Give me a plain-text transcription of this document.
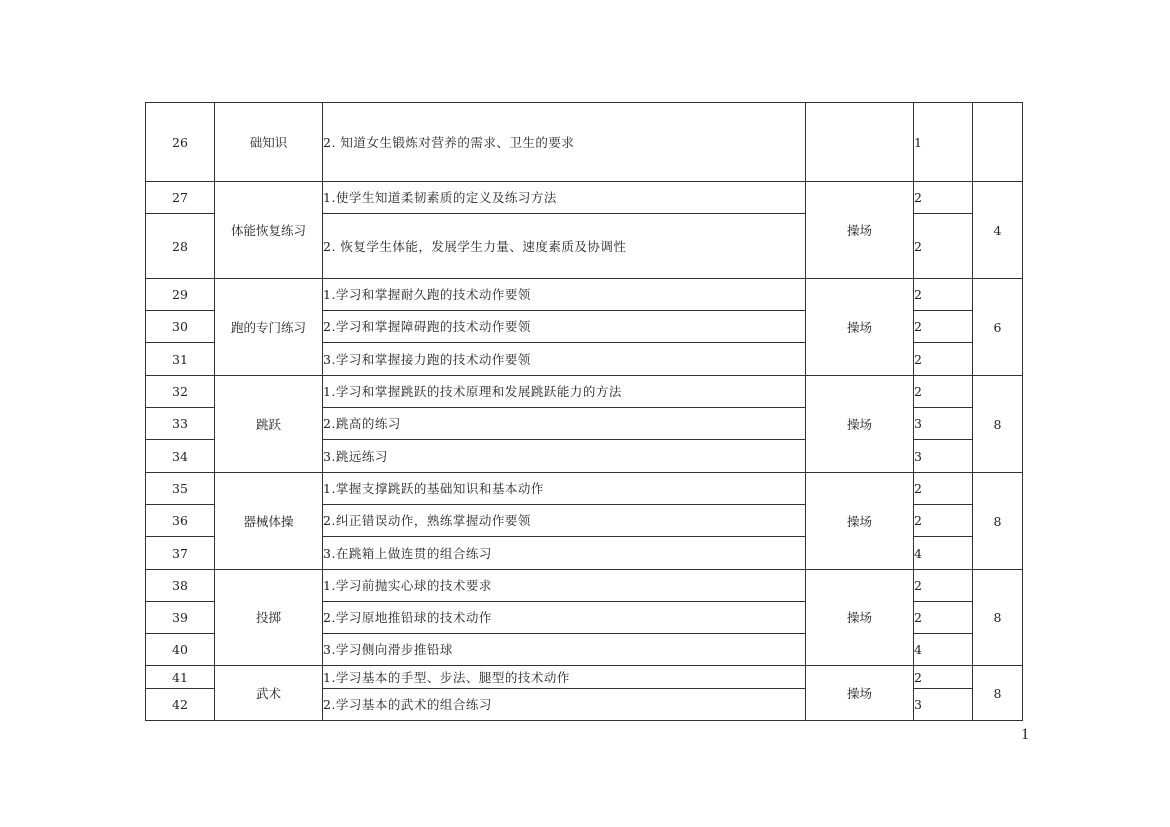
26	础知识	2. 知道女生锻炼对营养的需求、卫生的要求		1	
27	体能恢复练习	1.使学生知道柔韧素质的定义及练习方法	操场	2	4
28		2. 恢复学生体能，发展学生力量、速度素质及协调性		2	
29	跑的专门练习	1.学习和掌握耐久跑的技术动作要领	操场	2	6
30		2.学习和掌握障碍跑的技术动作要领		2	
31		3.学习和掌握接力跑的技术动作要领		2	
32	跳跃	1.学习和掌握跳跃的技术原理和发展跳跃能力的方法	操场	2	8
33		2.跳高的练习		3	
34		3.跳远练习		3	
35	器械体操	1.掌握支撑跳跃的基础知识和基本动作	操场	2	8
36		2.纠正错误动作，熟练掌握动作要领		2	
37		3.在跳箱上做连贯的组合练习		4	
38	投掷	1.学习前抛实心球的技术要求	操场	2	8
39		2.学习原地推铅球的技术动作		2	
40		3.学习侧向滑步推铅球		4	
41	武术	1.学习基本的手型、步法、腿型的技术动作	操场	2	8
42		2.学习基本的武术的组合练习		3	
1
